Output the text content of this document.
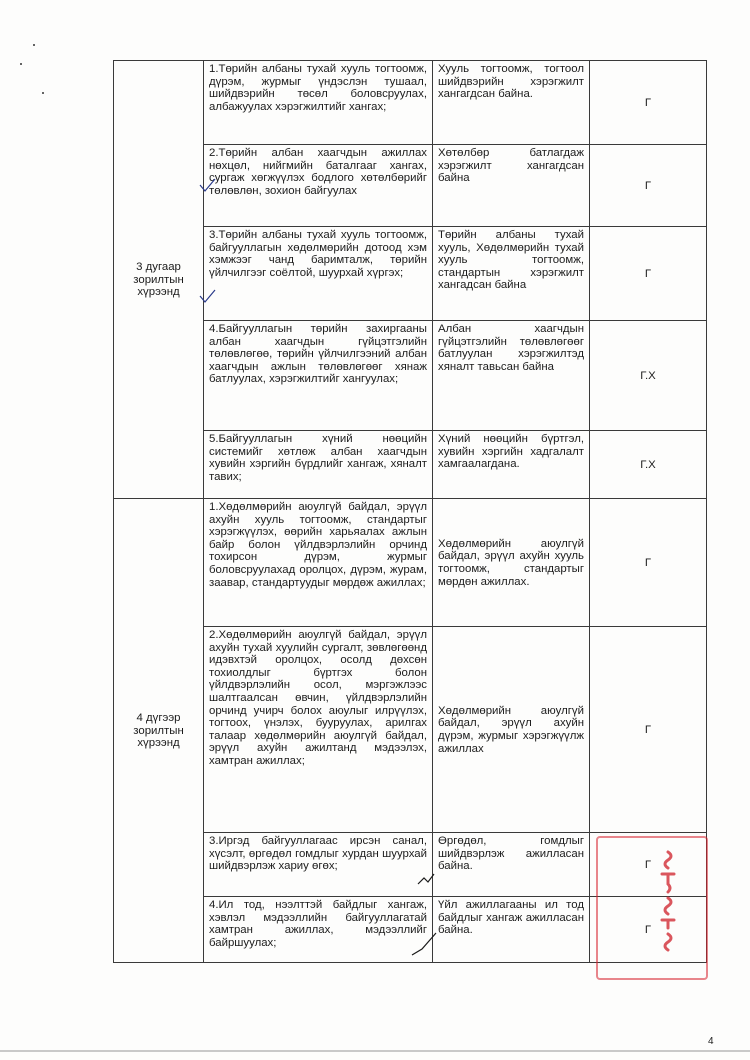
3 дугаар зорилтын хүрээнд	1.Төрийн албаны тухай хууль тогтоомж, дүрэм, журмыг үндэслэн тушаал, шийдвэрийн төсөл боловсруулах, албажуулах хэрэгжилтийг хангах;	Хууль тогтоомж, тогтоол шийдвэрийн хэрэгжилт хангагдсан байна.	Г
	2.Төрийн албан хаагчдын ажиллах нөхцөл, нийгмийн баталгааг хангах, сургаж хөгжүүлэх бодлого хөтөлбөрийг төлөвлөн, зохион байгуулах	Хөтөлбөр батлагдаж хэрэгжилт хангагдсан байна	Г
	3.Төрийн албаны тухай хууль тогтоомж, байгууллагын хөдөлмөрийн дотоод хэм хэмжээг чанд баримталж, төрийн үйлчилгээг соёлтой, шуурхай хүргэх;	Төрийн албаны тухай хууль, Хөдөлмөрийн тухай хууль тогтоомж, стандартын хэрэгжилт хангадсан байна	Г
	4.Байгууллагын төрийн захиргааны албан хаагчдын гүйцэтгэлийн төлөвлөгөө, төрийн үйлчилгээний албан хаагчдын ажлын төлөвлөгөөг хянаж батлуулах, хэрэгжилтийг хангуулах;	Албан хаагчдын гүйцэтгэлийн төлөвлөгөөг батлуулан хэрэгжилтэд хяналт тавьсан байна	Г.Х
	5.Байгууллагын хүний нөөцийн системийг хөтлөж албан хаагчдын хувийн хэргийн бүрдлийг хангаж, хяналт тавих;	Хүний нөөцийн бүртгэл, хувийн хэргийн хадгалалт хамгаалагдана.	Г.Х
4 дүгээр зорилтын хүрээнд	1.Хөдөлмөрийн аюулгүй байдал, эрүүл ахуйн хууль тогтоомж, стандартыг хэрэгжүүлэх, өөрийн харьяалах ажлын байр болон үйлдвэрлэлийн орчинд тохирсон дүрэм, журмыг боловсруулахад оролцох, дүрэм, журам, заавар, стандартуудыг мөрдөж ажиллах;	Хөдөлмөрийн аюулгүй байдал, эрүүл ахуйн хууль тогтоомж, стандартыг мөрдөн ажиллах.	Г
	2.Хөдөлмөрийн аюулгүй байдал, эрүүл ахуйн тухай хуулийн сургалт, зөвлөгөөнд идэвхтэй оролцох, осолд дөхсөн тохиолдлыг бүртгэх болон үйлдвэрлэлийн осол, мэргэжлээс шалтгаалсан өвчин, үйлдвэрлэлийн орчинд учирч болох аюулыг илрүүлэх, тогтоох, үнэлэх, бууруулах, арилгах талаар хөдөлмөрийн аюулгүй байдал, эрүүл ахуйн ажилтанд мэдээлэх, хамтран ажиллах;	Хөдөлмөрийн аюулгүй байдал, эрүүл ахуйн дүрэм, журмыг хэрэгжүүлж ажиллах	Г
	3.Иргэд байгууллагаас ирсэн санал, хүсэлт, өргөдөл гомдлыг хурдан шуурхай шийдвэрлэж хариу өгөх;	Өргөдөл, гомдлыг шийдвэрлэж ажилласан байна.	Г
	4.Ил тод, нээлттэй байдлыг хангаж, хэвлэл мэдээллийн байгууллагатай хамтран ажиллах, мэдээллийг байршуулах;	Үйл ажиллагааны ил тод байдлыг хангаж ажилласан байна.	Г
4
